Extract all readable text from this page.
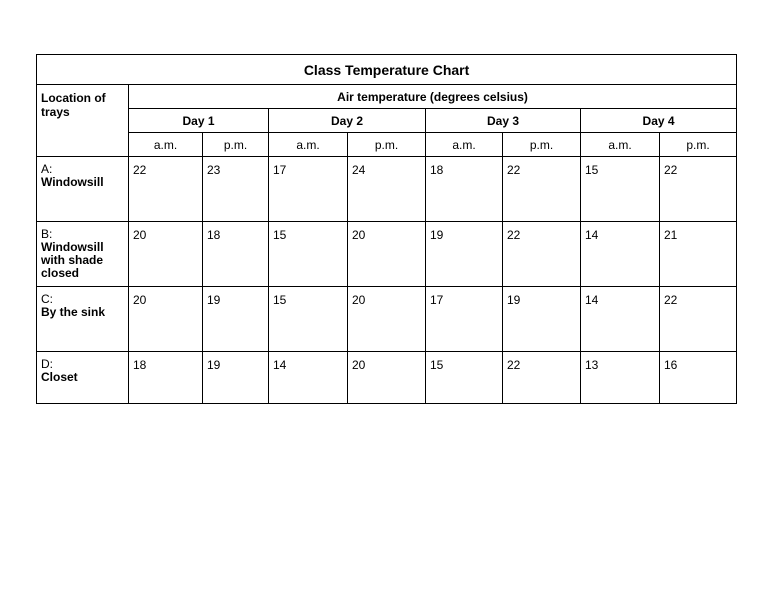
Class Temperature Chart								
Location of trays	Air temperature (degrees celsius)							
	Day 1		Day 2		Day 3		Day 4	
	a.m.	p.m.	a.m.	p.m.	a.m.	p.m.	a.m.	p.m.

A:
Windowsill	22	23	17	24	18	22	15	22

B:
Windowsill with shade closed	20	18	15	20	19	22	14	21

C:
By the sink	20	19	15	20	17	19	14	22

D:
Closet	18	19	14	20	15	22	13	16
